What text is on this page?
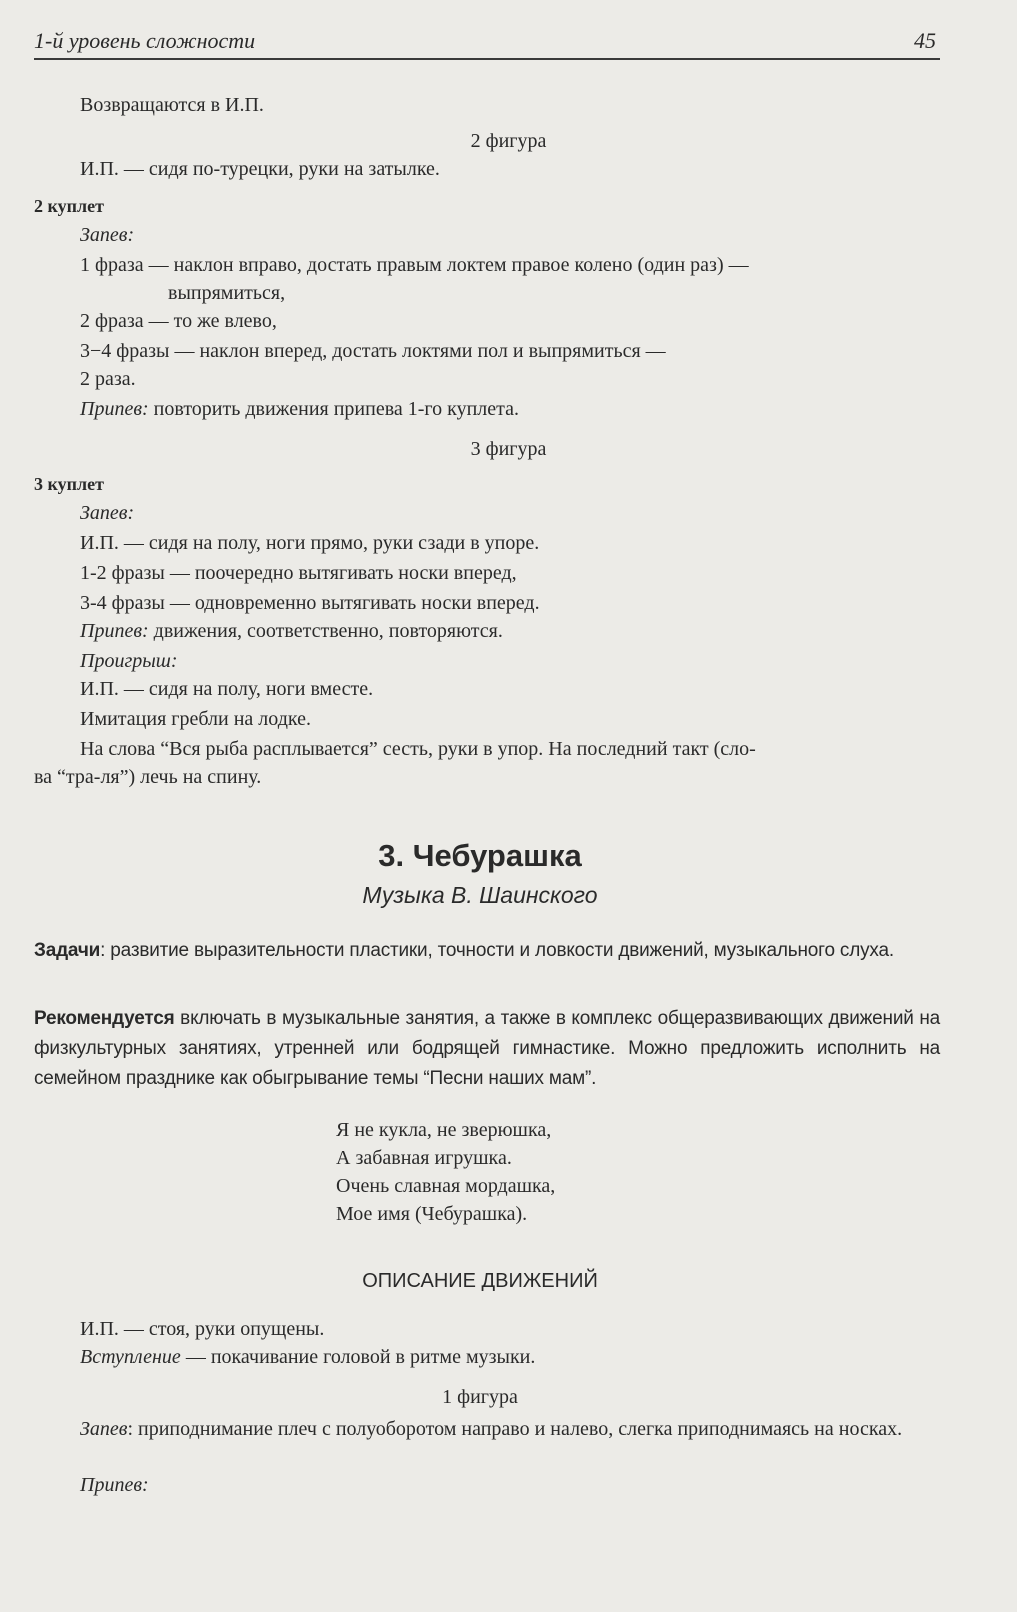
1-й уровень сложности	45
Возвращаются в И.П.
2 фигура
И.П. — сидя по-турецки, руки на затылке.
2 куплет
Запев:
1 фраза — наклон вправо, достать правым локтем правое колено (один раз) —
выпрямиться,
2 фраза — то же влево,
3−4 фразы — наклон вперед, достать локтями пол и выпрямиться —
2 раза.
Припев: повторить движения припева 1-го куплета.
3 фигура
3 куплет
Запев:
И.П. — сидя на полу, ноги прямо, руки сзади в упоре.
1-2 фразы — поочередно вытягивать носки вперед,
3-4 фразы — одновременно вытягивать носки вперед.
Припев: движения, соответственно, повторяются.
Проигрыш:
И.П. — сидя на полу, ноги вместе.
Имитация гребли на лодке.
На слова “Вся рыба расплывается” сесть, руки в упор. На последний такт (сло-
ва “тра-ля”) лечь на спину.
3. Чебурашка
Музыка В. Шаинского
Задачи: развитие выразительности пластики, точности и ловкости движений, музыкального слуха.
Рекомендуется включать в музыкальные занятия, а также в комплекс общеразвивающих движений на физкультурных занятиях, утренней или бодрящей гимнастике. Можно предложить исполнить на семейном празднике как обыгрывание темы “Песни наших мам”.
Я не кукла, не зверюшка,
А забавная игрушка.
Очень славная мордашка,
Мое имя (Чебурашка).
ОПИСАНИЕ ДВИЖЕНИЙ
И.П. — стоя, руки опущены.
Вступление — покачивание головой в ритме музыки.
1 фигура
Запев: приподнимание плеч с полуоборотом направо и налево, слегка приподнимаясь на носках.
Припев:
